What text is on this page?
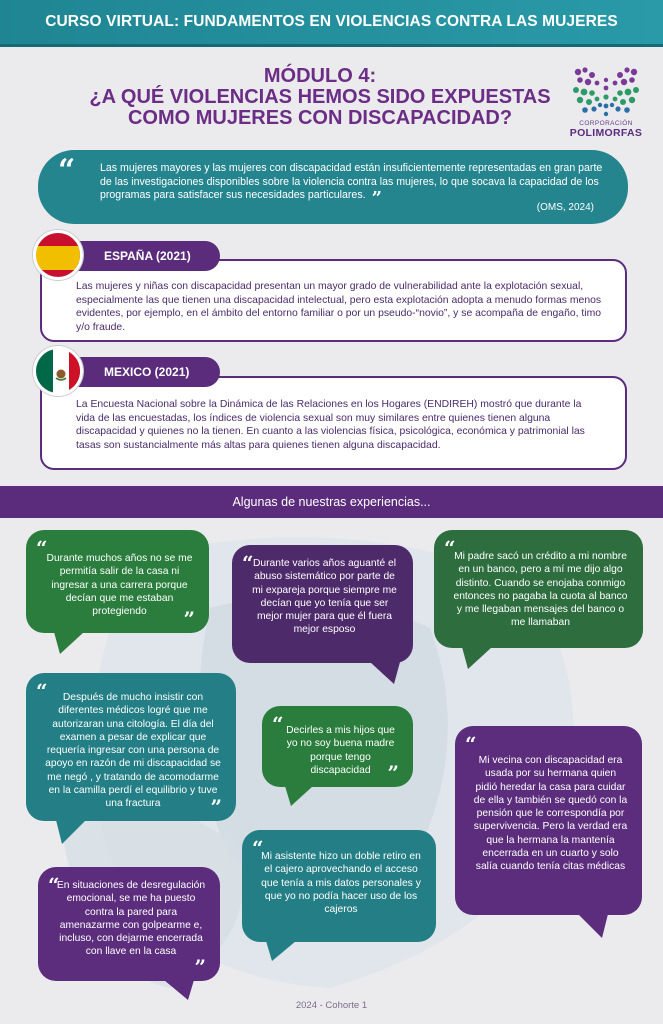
CURSO VIRTUAL: FUNDAMENTOS EN VIOLENCIAS CONTRA LAS MUJERES
MÓDULO 4:
¿A QUÉ VIOLENCIAS HEMOS SIDO EXPUESTAS
COMO MUJERES CON DISCAPACIDAD?	CORPORACIÓN
POLIMORFAS
“ Las mujeres mayores y las mujeres con discapacidad están insuficientemente representadas en gran parte de las investigaciones disponibles sobre la violencia contra las mujeres, lo que socava la capacidad de los programas para satisfacer sus necesidades particulares. ”	(OMS, 2024)
ESPAÑA (2021)
Las mujeres y niñas con discapacidad presentan un mayor grado de vulnerabilidad ante la explotación sexual, especialmente las que tienen una discapacidad intelectual, pero esta explotación adopta a menudo formas menos evidentes, por ejemplo, en el ámbito del entorno familiar o por un pseudo-“novio”, y se acompaña de engaño, timo y/o fraude.
MEXICO (2021)
La Encuesta Nacional sobre la Dinámica de las Relaciones en los Hogares (ENDIREH) mostró que durante la vida de las encuestadas, los índices de violencia sexual son muy similares entre quienes tienen alguna discapacidad y quienes no la tienen. En cuanto a las violencias física, psicológica, económica y patrimonial las tasas son sustancialmente más altas para quienes tienen alguna discapacidad.
Algunas de nuestras experiencias...
“ Durante muchos años no se me permitía salir de la casa ni ingresar a una carrera porque decían que me estaban protegiendo ”
“ Durante varios años aguanté el abuso sistemático por parte de mi expareja porque siempre me decían que yo tenía que ser mejor mujer para que él fuera mejor esposo
“
Mi padre sacó un crédito a mi nombre en un banco, pero a mí me dijo algo distinto. Cuando se enojaba conmigo entonces no pagaba la cuota al banco y me llegaban mensajes del banco o me llamaban
“ Después de mucho insistir con diferentes médicos logré que me autorizaran una citología. El día del examen a pesar de explicar que requería ingresar con una persona de apoyo en razón de mi discapacidad se me negó , y tratando de acomodarme en la camilla perdí el equilibrio y tuve una fractura	”
“ Decirles a mis hijos que yo no soy buena madre porque tengo discapacidad ”
“
Mi vecina con discapacidad era usada por su hermana quien pidió heredar la casa para cuidar de ella y también se quedó con la pensión que le correspondía por supervivencia. Pero la verdad era que la hermana la mantenía encerrada en un cuarto y solo salía cuando tenía citas médicas
“
Mi asistente hizo un doble retiro en el cajero aprovechando el acceso que tenía a mis datos personales y que yo no podía hacer uso de los cajeros
“
En situaciones de desregulación emocional, se me ha puesto contra la pared para amenazarme con golpearme e, incluso, con dejarme encerrada con llave en la casa
”
2024 - Cohorte 1
